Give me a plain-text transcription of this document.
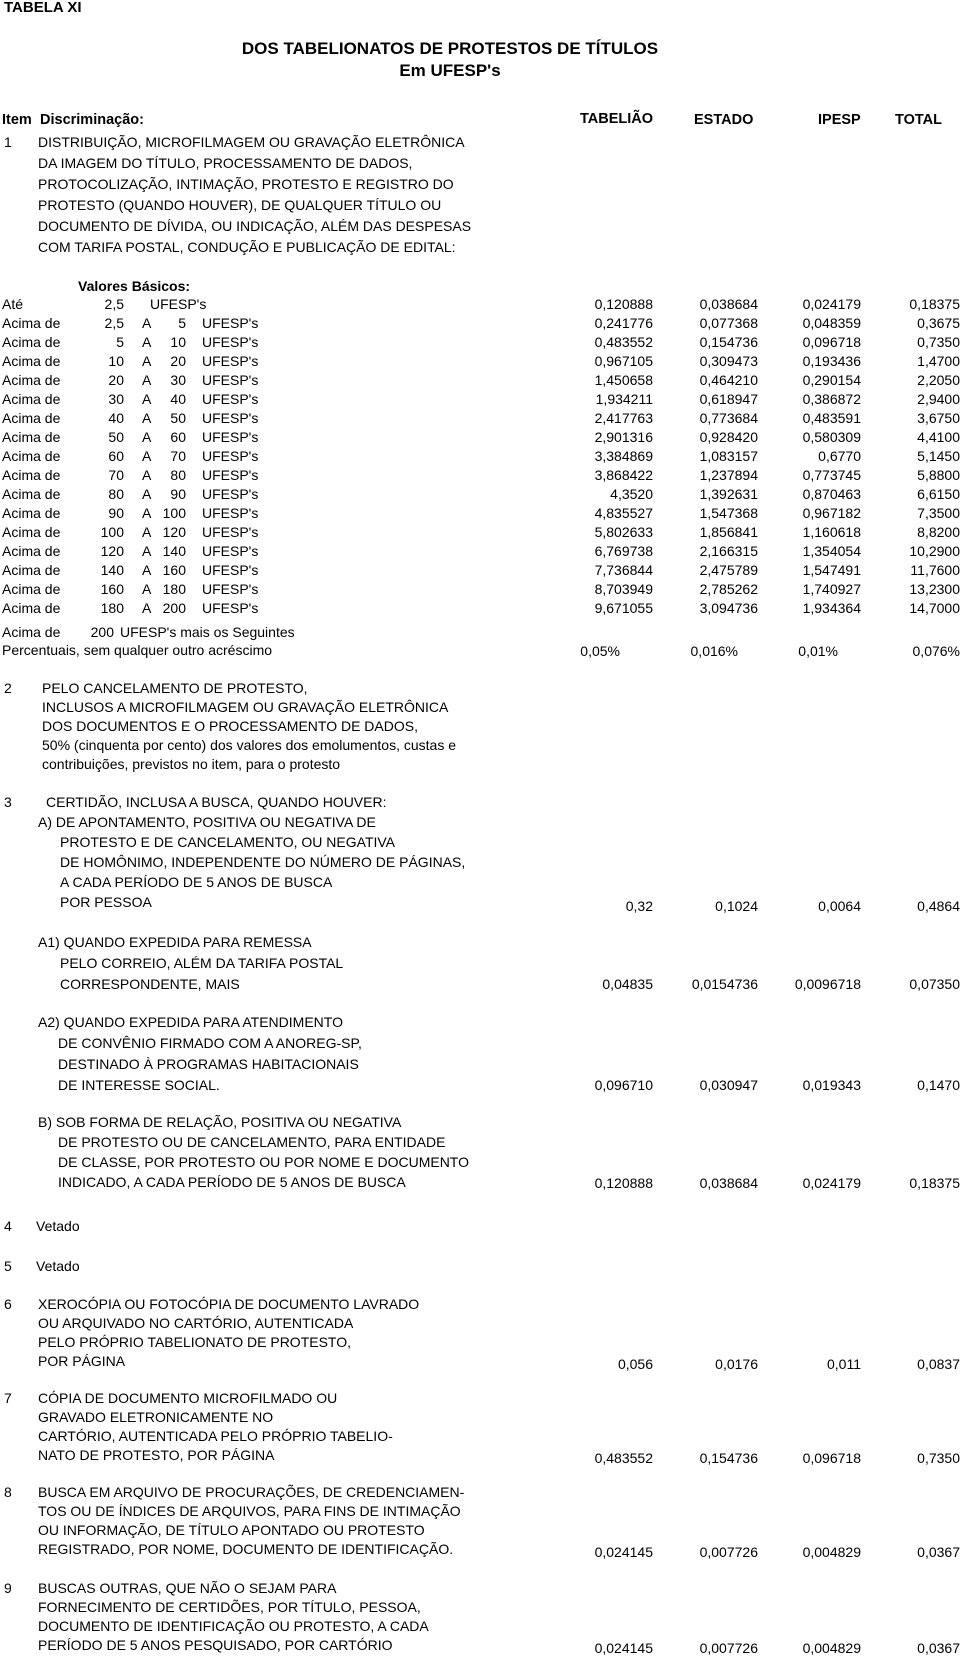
TABELA XI
DOS TABELIONATOS DE PROTESTOS DE TÍTULOS
Em UFESP's
Item Discriminação:	TABELIÃO	ESTADO	IPESP TOTAL
1 DISTRIBUIÇÃO, MICROFILMAGEM OU GRAVAÇÃO ELETRÔNICA
DA IMAGEM DO TÍTULO, PROCESSAMENTO DE DADOS,
PROTOCOLIZAÇÃO, INTIMAÇÃO, PROTESTO E REGISTRO DO
PROTESTO (QUANDO HOUVER), DE QUALQUER TÍTULO OU
DOCUMENTO DE DÍVIDA, OU INDICAÇÃO, ALÉM DAS DESPESAS
COM TARIFA POSTAL, CONDUÇÃO E PUBLICAÇÃO DE EDITAL:
Valores Básicos:
Até	2,5 UFESP's	0,120888	0,038684	0,024179	0,18375
Acima de	2,5 A	5 UFESP's	0,241776	0,077368	0,048359	0,3675
Acima de	5 A	10 UFESP's	0,483552	0,154736	0,096718	0,7350
Acima de	10 A	20 UFESP's	0,967105	0,309473	0,193436	1,4700
Acima de	20 A	30 UFESP's	1,450658	0,464210	0,290154	2,2050
Acima de	30 A	40 UFESP's	1,934211	0,618947	0,386872	2,9400
Acima de	40 A	50 UFESP's	2,417763	0,773684	0,483591	3,6750
Acima de	50 A	60 UFESP's	2,901316	0,928420	0,580309	4,4100
Acima de	60 A	70 UFESP's	3,384869	1,083157	0,6770	5,1450
Acima de	70 A	80 UFESP's	3,868422	1,237894	0,773745	5,8800
Acima de	80 A	90 UFESP's	4,3520	1,392631	0,870463	6,6150
Acima de	90 A 100 UFESP's	4,835527	1,547368	0,967182	7,3500
Acima de	100 A 120 UFESP's	5,802633	1,856841	1,160618	8,8200
Acima de	120 A 140 UFESP's	6,769738	2,166315	1,354054	10,2900
Acima de	140 A 160 UFESP's	7,736844	2,475789	1,547491	11,7600
Acima de	160 A 180 UFESP's	8,703949	2,785262	1,740927	13,2300
Acima de	180 A 200 UFESP's	9,671055	3,094736	1,934364	14,7000
Acima de	200 UFESP's mais os Seguintes
Percentuais, sem qualquer outro acréscimo	0,05%	0,016%	0,01%	0,076%
2 PELO CANCELAMENTO DE PROTESTO,
INCLUSOS A MICROFILMAGEM OU GRAVAÇÃO ELETRÔNICA
DOS DOCUMENTOS E O PROCESSAMENTO DE DADOS,
50% (cinquenta por cento) dos valores dos emolumentos, custas e
contribuições, previstos no item, para o protesto
3 CERTIDÃO, INCLUSA A BUSCA, QUANDO HOUVER:
A) DE APONTAMENTO, POSITIVA OU NEGATIVA DE
PROTESTO E DE CANCELAMENTO, OU NEGATIVA
DE HOMÔNIMO, INDEPENDENTE DO NÚMERO DE PÁGINAS,
A CADA PERÍODO DE 5 ANOS DE BUSCA
POR PESSOA	0,32	0,1024	0,0064	0,4864
A1) QUANDO EXPEDIDA PARA REMESSA
PELO CORREIO, ALÉM DA TARIFA POSTAL
CORRESPONDENTE, MAIS	0,04835	0,0154736	0,0096718	0,07350
A2) QUANDO EXPEDIDA PARA ATENDIMENTO
DE CONVÊNIO FIRMADO COM A ANOREG-SP,
DESTINADO À PROGRAMAS HABITACIONAIS
DE INTERESSE SOCIAL.	0,096710	0,030947	0,019343	0,1470
B) SOB FORMA DE RELAÇÃO, POSITIVA OU NEGATIVA
DE PROTESTO OU DE CANCELAMENTO, PARA ENTIDADE
DE CLASSE, POR PROTESTO OU POR NOME E DOCUMENTO
INDICADO, A CADA PERÍODO DE 5 ANOS DE BUSCA	0,120888	0,038684	0,024179	0,18375
4 Vetado
5 Vetado
6 XEROCÓPIA OU FOTOCÓPIA DE DOCUMENTO LAVRADO
OU ARQUIVADO NO CARTÓRIO, AUTENTICADA
PELO PRÓPRIO TABELIONATO DE PROTESTO,
POR PÁGINA	0,056	0,0176	0,011	0,0837
7 CÓPIA DE DOCUMENTO MICROFILMADO OU
GRAVADO ELETRONICAMENTE NO
CARTÓRIO, AUTENTICADA PELO PRÓPRIO TABELIO-
NATO DE PROTESTO, POR PÁGINA	0,483552	0,154736	0,096718	0,7350
8 BUSCA EM ARQUIVO DE PROCURAÇÕES, DE CREDENCIAMEN-
TOS OU DE ÍNDICES DE ARQUIVOS, PARA FINS DE INTIMAÇÃO
OU INFORMAÇÃO, DE TÍTULO APONTADO OU PROTESTO
REGISTRADO, POR NOME, DOCUMENTO DE IDENTIFICAÇÃO.	0,024145	0,007726	0,004829	0,0367
9 BUSCAS OUTRAS, QUE NÃO O SEJAM PARA
FORNECIMENTO DE CERTIDÕES, POR TÍTULO, PESSOA,
DOCUMENTO DE IDENTIFICAÇÃO OU PROTESTO, A CADA
PERÍODO DE 5 ANOS PESQUISADO, POR CARTÓRIO	0,024145	0,007726	0,004829	0,0367
